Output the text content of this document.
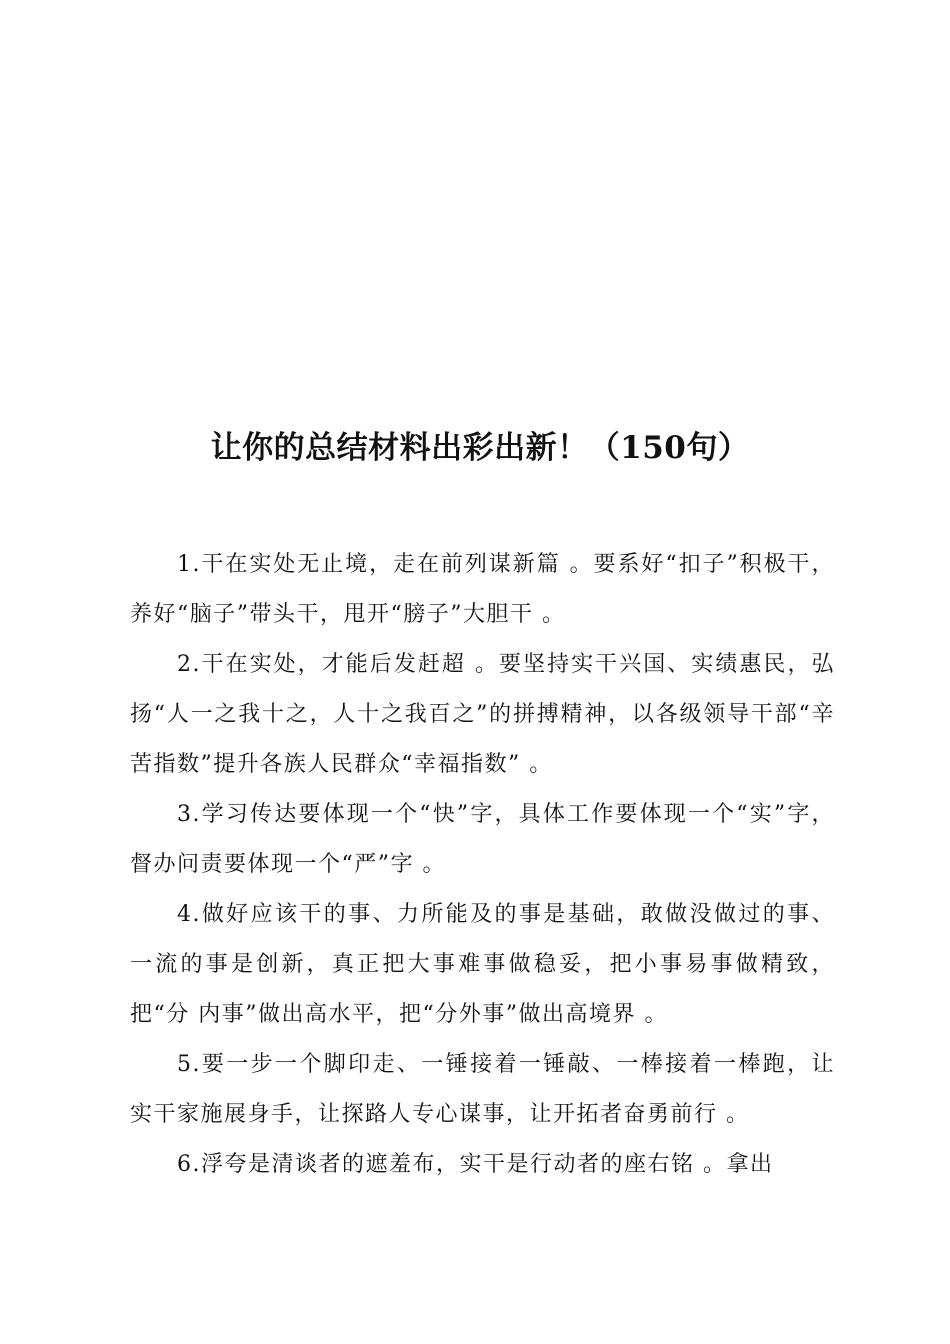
让你的总结材料出彩出新！（150句）

1.干在实处无止境，走在前列谋新篇 。要系好“扣子”积极干，养好“脑子”带头干，甩开“膀子”大胆干 。

2.干在实处，才能后发赶超 。要坚持实干兴国、实绩惠民，弘扬“人一之我十之，人十之我百之”的拼搏精神，以各级领导干部“辛 苦指数”提升各族人民群众“幸福指数” 。

3.学习传达要体现一个“快”字，具体工作要体现一个“实”字，督办问责要体现一个“严”字 。

4.做好应该干的事、力所能及的事是基础，敢做没做过的事、一流的事是创新，真正把大事难事做稳妥，把小事易事做精致，把“分 内事”做出高水平，把“分外事”做出高境界 。

5.要一步一个脚印走、一锤接着一锤敲、一棒接着一棒跑，让实干家施展身手，让探路人专心谋事，让开拓者奋勇前行 。

6.浮夸是清谈者的遮羞布，实干是行动者的座右铭 。拿出
